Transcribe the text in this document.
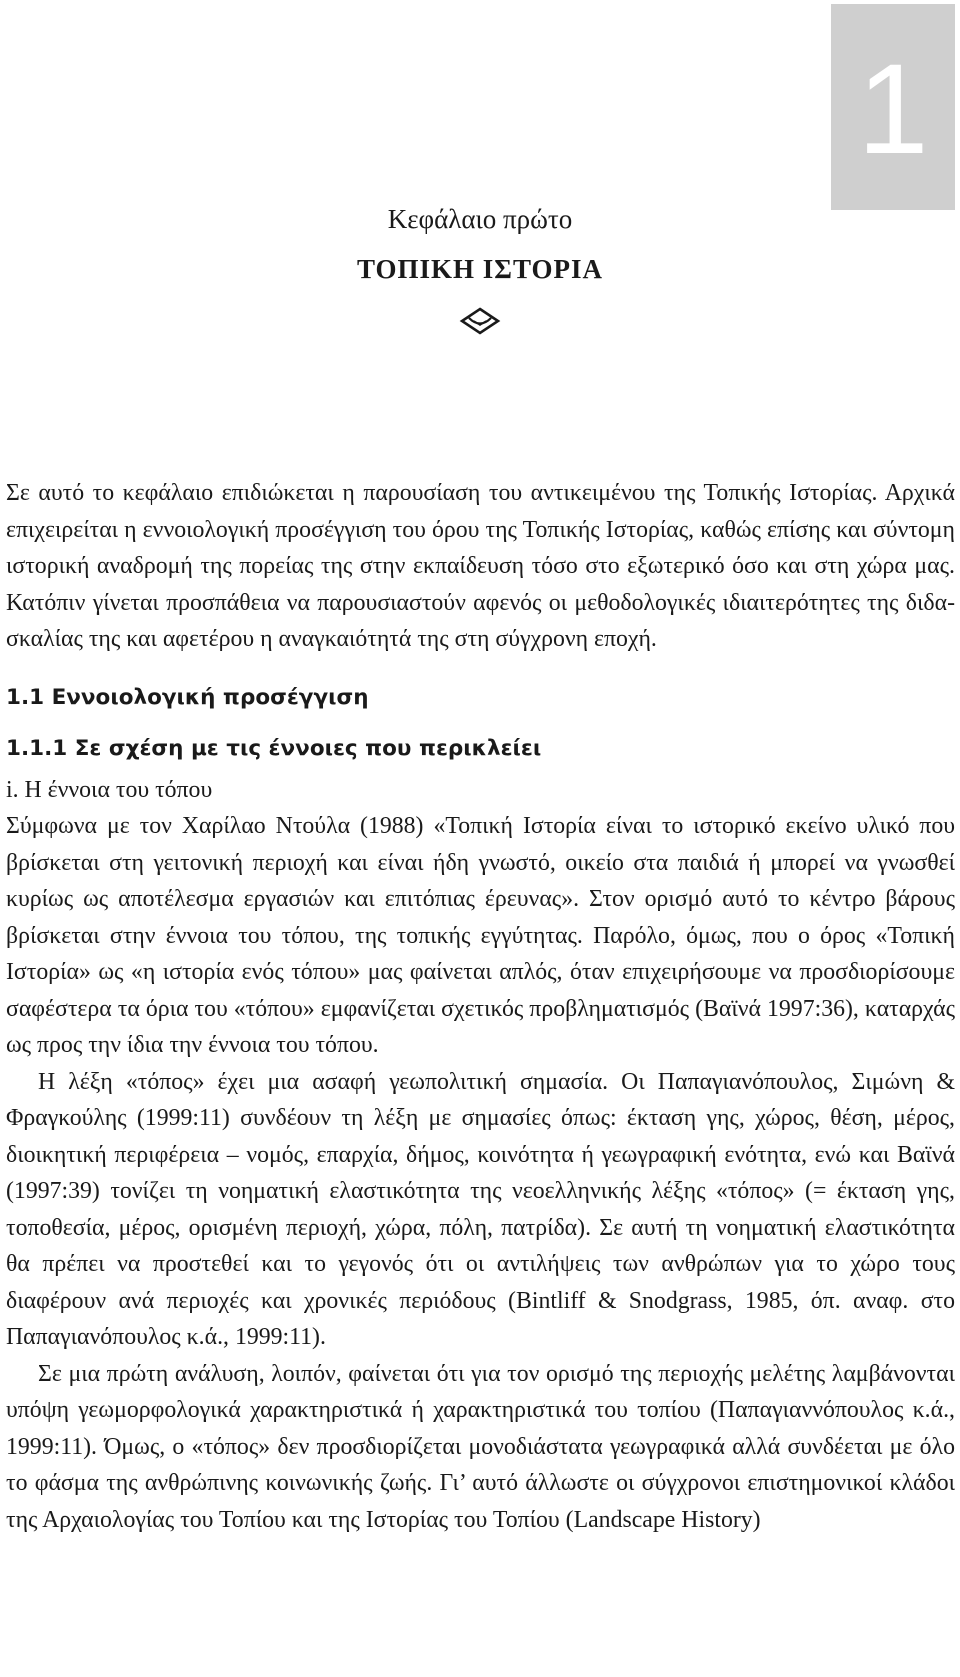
1
Κεφάλαιο πρώτο
ΤΟΠΙΚΗ ΙΣΤΟΡΙΑ

Σε αυτό το κεφάλαιο επιδιώκεται η παρουσίαση του αντικειμένου της Τοπικής Ιστορίας. Αρχικά επιχειρείται η εννοιολογική προσέγγιση του όρου της Τοπικής Ιστορίας, καθώς επίσης και σύντομη ιστορική αναδρομή της πορείας της στην εκπαίδευση τόσο στο εξωτερικό όσο και στη χώρα μας. Κατόπιν γίνεται προσπάθεια να παρουσιαστούν αφενός οι μεθοδολογικές ιδιαιτερότητες της διδασκαλίας της και αφετέρου η αναγκαιότητά της στη σύγχρονη εποχή.

1.1 Εννοιολογική προσέγγιση
1.1.1 Σε σχέση με τις έννοιες που περικλείει
i. Η έννοια του τόπου

Σύμφωνα με τον Χαρίλαο Ντούλα (1988) «Τοπική Ιστορία είναι το ιστορικό εκείνο υλικό που βρίσκεται στη γειτονική περιοχή και είναι ήδη γνωστό, οικείο στα παιδιά ή μπορεί να γνωσθεί κυρίως ως αποτέλεσμα εργασιών και επιτόπιας έρευνας». Στον ορισμό αυτό το κέντρο βάρους βρίσκεται στην έννοια του τόπου, της τοπικής εγγύτητας. Παρόλο, όμως, που ο όρος «Τοπική Ιστορία» ως «η ιστορία ενός τόπου» μας φαίνεται απλός, όταν επιχειρήσουμε να προσδιορίσουμε σαφέστερα τα όρια του «τόπου» εμφανίζεται σχετικός προβληματισμός (Βαϊνά 1997:36), καταρχάς ως προς την ίδια την έννοια του τόπου.

Η λέξη «τόπος» έχει μια ασαφή γεωπολιτική σημασία. Οι Παπαγιανόπουλος, Σιμώνη & Φραγκούλης (1999:11) συνδέουν τη λέξη με σημασίες όπως: έκταση γης, χώρος, θέση, μέρος, διοικητική περιφέρεια – νομός, επαρχία, δήμος, κοινότητα ή γεωγραφική ενότητα, ενώ και Βαϊνά (1997:39) τονίζει τη νοηματική ελαστικότητα της νεοελληνικής λέξης «τόπος» (= έκταση γης, τοποθεσία, μέρος, ορισμένη περιοχή, χώρα, πόλη, πατρίδα). Σε αυτή τη νοηματική ελαστικότητα θα πρέπει να προστεθεί και το γεγονός ότι οι αντιλήψεις των ανθρώπων για το χώρο τους διαφέρουν ανά περιοχές και χρονικές περιόδους (Bintliff & Snodgrass, 1985, όπ. αναφ. στο Παπαγιανόπουλος κ.ά., 1999:11).

Σε μια πρώτη ανάλυση, λοιπόν, φαίνεται ότι για τον ορισμό της περιοχής μελέτης λαμβάνονται υπόψη γεωμορφολογικά χαρακτηριστικά ή χαρακτηριστικά του τοπίου (Παπαγιαννόπουλος κ.ά., 1999:11). Όμως, ο «τόπος» δεν προσδιορίζεται μονοδιάστατα γεωγραφικά αλλά συνδέεται με όλο το φάσμα της ανθρώπινης κοινωνικής ζωής. Γι’ αυτό άλλωστε οι σύγχρονοι επιστημονικοί κλάδοι της Αρχαιολογίας του Τοπίου και της Ιστορίας του Τοπίου (Landscape History)
